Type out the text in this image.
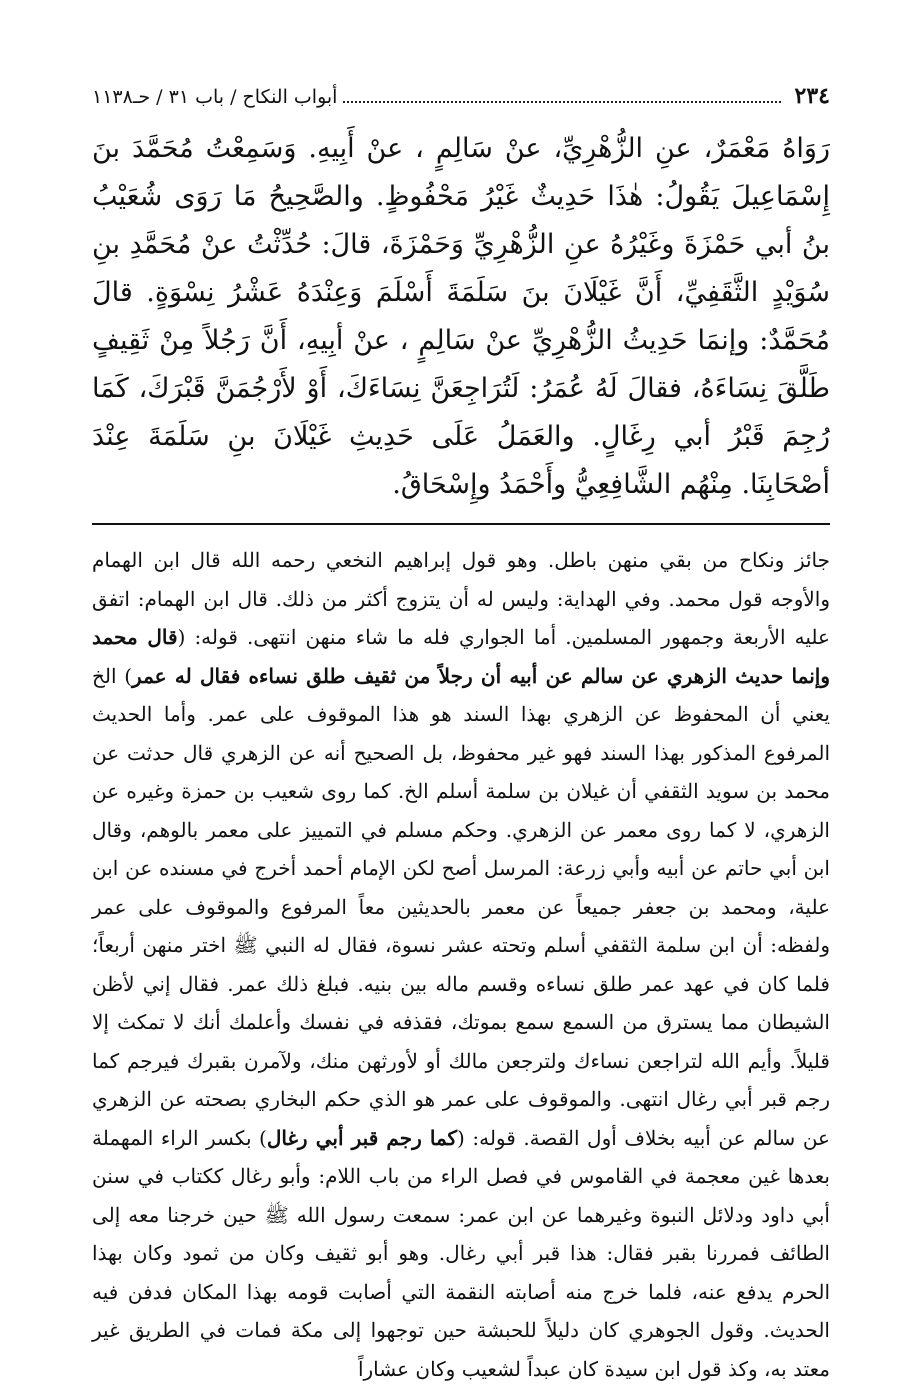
٢٣٤
أبواب النكاح / باب ٣١ / حـ١١٣٨

رَوَاهُ مَعْمَرٌ، عنِ الزُّهْرِيِّ، عنْ سَالِمٍ ، عنْ أَبِيهِ. وَسَمِعْتُ مُحَمَّدَ بنَ إِسْمَاعِيلَ يَقُولُ: هٰذَا حَدِيثٌ غَيْرُ مَحْفُوظٍ. والصَّحِيحُ مَا رَوَى شُعَيْبُ بنُ أبي حَمْزَةَ وغَيْرُهُ عنِ الزُّهْرِيِّ وَحَمْزَةَ، قالَ: حُدِّثْتُ عنْ مُحَمَّدِ بنِ سُوَيْدٍ الثَّقَفِيِّ، أَنَّ غَيْلَانَ بنَ سَلَمَةَ أَسْلَمَ وَعِنْدَهُ عَشْرُ نِسْوَةٍ. قالَ مُحَمَّدٌ: وإنمَا حَدِيثُ الزُّهْرِيِّ عنْ سَالِمٍ ، عنْ أبِيهِ، أَنَّ رَجُلاً مِنْ ثَقِيفٍ طَلَّقَ نِسَاءَهُ، فقالَ لَهُ عُمَرُ: لَتُرَاجِعَنَّ نِسَاءَكَ، أَوْ لأَرْجُمَنَّ قَبْرَكَ، كَمَا رُجِمَ قَبْرُ أبي رِغَالٍ. والعَمَلُ عَلَى حَدِيثِ غَيْلَانَ بنِ سَلَمَةَ عِنْدَ أصْحَابِنَا. مِنْهُم الشَّافِعِيُّ وأَحْمَدُ وإِسْحَاقُ.

جائز ونكاح من بقي منهن باطل. وهو قول إبراهيم النخعي رحمه الله قال ابن الهمام والأوجه قول محمد. وفي الهداية: وليس له أن يتزوج أكثر من ذلك. قال ابن الهمام: اتفق عليه الأربعة وجمهور المسلمين. أما الجواري فله ما شاء منهن انتهى. قوله: (قال محمد وإنما حديث الزهري عن سالم عن أبيه أن رجلاً من ثقيف طلق نساءه فقال له عمر) الخ يعني أن المحفوظ عن الزهري بهذا السند هو هذا الموقوف على عمر. وأما الحديث المرفوع المذكور بهذا السند فهو غير محفوظ، بل الصحيح أنه عن الزهري قال حدثت عن محمد بن سويد الثقفي أن غيلان بن سلمة أسلم الخ. كما روى شعيب بن حمزة وغيره عن الزهري، لا كما روى معمر عن الزهري. وحكم مسلم في التمييز على معمر بالوهم، وقال ابن أبي حاتم عن أبيه وأبي زرعة: المرسل أصح لكن الإمام أحمد أخرج في مسنده عن ابن علية، ومحمد بن جعفر جميعاً عن معمر بالحديثين معاً المرفوع والموقوف على عمر ولفظه: أن ابن سلمة الثقفي أسلم وتحته عشر نسوة، فقال له النبي ﷺ اختر منهن أربعاً؛ فلما كان في عهد عمر طلق نساءه وقسم ماله بين بنيه. فبلغ ذلك عمر. فقال إني لأظن الشيطان مما يسترق من السمع سمع بموتك، فقذفه في نفسك وأعلمك أنك لا تمكث إلا قليلاً. وأيم الله لتراجعن نساءك ولترجعن مالك أو لأورثهن منك، ولآمرن بقبرك فيرجم كما رجم قبر أبي رغال انتهى. والموقوف على عمر هو الذي حكم البخاري بصحته عن الزهري عن سالم عن أبيه بخلاف أول القصة. قوله: (كما رجم قبر أبي رغال) بكسر الراء المهملة بعدها غين معجمة في القاموس في فصل الراء من باب اللام: وأبو رغال ككتاب في سنن أبي داود ودلائل النبوة وغيرهما عن ابن عمر: سمعت رسول الله ﷺ حين خرجنا معه إلى الطائف فمررنا بقبر فقال: هذا قبر أبي رغال. وهو أبو ثقيف وكان من ثمود وكان بهذا الحرم يدفع عنه، فلما خرج منه أصابته النقمة التي أصابت قومه بهذا المكان فدفن فيه الحديث. وقول الجوهري كان دليلاً للحبشة حين توجهوا إلى مكة فمات في الطريق غير معتد به، وكذ قول ابن سيدة كان عبداً لشعيب وكان عشاراً
